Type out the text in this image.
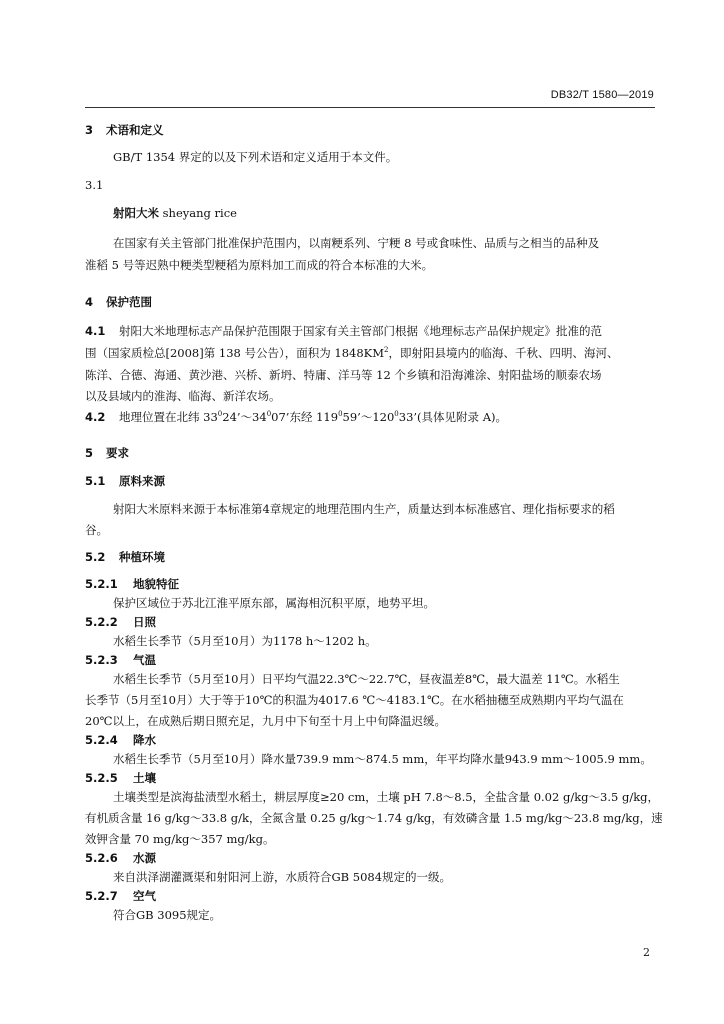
DB32/T 1580—2019
3 术语和定义
GB/T 1354 界定的以及下列术语和定义适用于本文件。
3.1
射阳大米 sheyang rice
在国家有关主管部门批准保护范围内，以南粳系列、宁粳 8 号或食味性、品质与之相当的品种及
淮稻 5 号等迟熟中粳类型粳稻为原料加工而成的符合本标准的大米。
4 保护范围
4.1 射阳大米地理标志产品保护范围限于国家有关主管部门根据《地理标志产品保护规定》批准的范
围（国家质检总[2008]第 138 号公告），面积为 $1848KM^2$，即射阳县境内的临海、千秋、四明、海河、
陈洋、合德、海通、黄沙港、兴桥、新坍、特庸、洋马等 12 个乡镇和沿海滩涂、射阳盐场的顺泰农场
以及县域内的淮海、临海、新洋农场。
4.2 地理位置在北纬 $33^024’\sim 34^007$’东经 $119^059’\sim 120^033$’(具体见附录 A)。
5 要求
5.1 原料来源
射阳大米原料来源于本标准第4章规定的地理范围内生产，质量达到本标准感官、理化指标要求的稻
谷。
5.2 种植环境
5.2.1 地貌特征
保护区域位于苏北江淮平原东部，属海相沉积平原，地势平坦。
5.2.2 日照
水稻生长季节（5月至10月）为1178 h～1202 h。
5.2.3 气温
水稻生长季节（5月至10月）日平均气温22.3℃～22.7℃，昼夜温差8℃，最大温差 11℃。水稻生
长季节（5月至10月）大于等于10℃的积温为4017.6 ℃～4183.1℃。在水稻抽穗至成熟期内平均气温在
20℃以上，在成熟后期日照充足，九月中下旬至十月上中旬降温迟缓。
5.2.4 降水
水稻生长季节（5月至10月）降水量739.9 mm～874.5 mm，年平均降水量943.9 mm～1005.9 mm。
5.2.5 土壤
土壤类型是滨海盐渍型水稻土，耕层厚度≥20 cm，土壤 pH 7.8～8.5，全盐含量 0.02 g/kg～3.5 g/kg，
有机质含量 16 g/kg～33.8 g/k，全氮含量 0.25 g/kg～1.74 g/kg，有效磷含量 1.5 mg/kg～23.8 mg/kg，速
效钾含量 70 mg/kg～357 mg/kg。
5.2.6 水源
来自洪泽湖灌溉渠和射阳河上游，水质符合GB 5084规定的一级。
5.2.7 空气
符合GB 3095规定。
2
